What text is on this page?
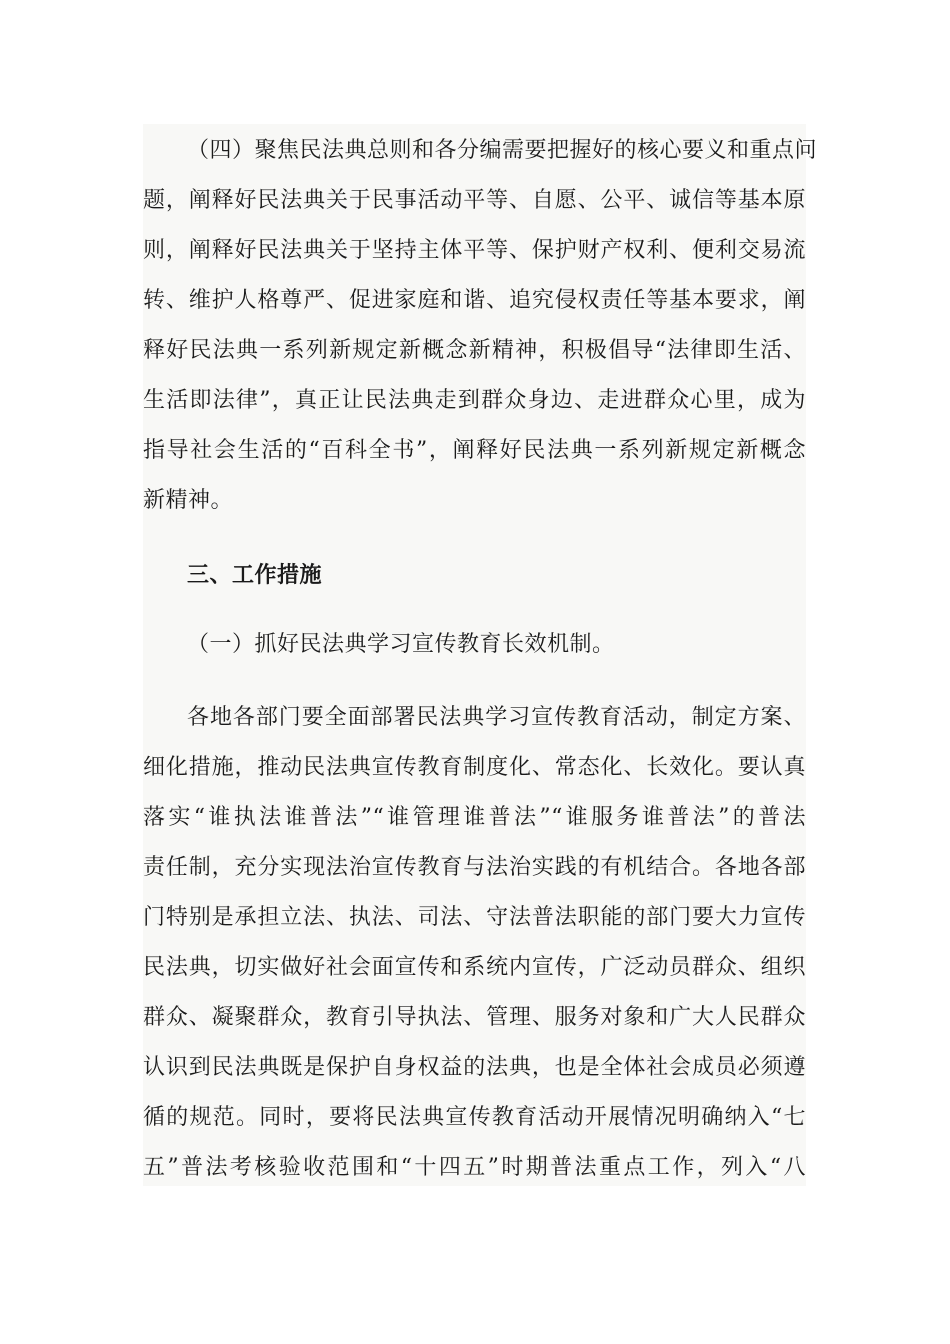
（四）聚焦民法典总则和各分编需要把握好的核心要义和重点问
题，阐释好民法典关于民事活动平等、自愿、公平、诚信等基本原
则，阐释好民法典关于坚持主体平等、保护财产权利、便利交易流
转、维护人格尊严、促进家庭和谐、追究侵权责任等基本要求，阐
释好民法典一系列新规定新概念新精神，积极倡导“法律即生活、
生活即法律”，真正让民法典走到群众身边、走进群众心里，成为
指导社会生活的“百科全书”，阐释好民法典一系列新规定新概念
新精神。
三、工作措施
（一）抓好民法典学习宣传教育长效机制。
各地各部门要全面部署民法典学习宣传教育活动，制定方案、
细化措施，推动民法典宣传教育制度化、常态化、长效化。要认真
落实“谁执法谁普法”“谁管理谁普法”“谁服务谁普法”的普法
责任制，充分实现法治宣传教育与法治实践的有机结合。各地各部
门特别是承担立法、执法、司法、守法普法职能的部门要大力宣传
民法典，切实做好社会面宣传和系统内宣传，广泛动员群众、组织
群众、凝聚群众，教育引导执法、管理、服务对象和广大人民群众
认识到民法典既是保护自身权益的法典，也是全体社会成员必须遵
循的规范。同时，要将民法典宣传教育活动开展情况明确纳入“七
五”普法考核验收范围和“十四五”时期普法重点工作，列入“八
